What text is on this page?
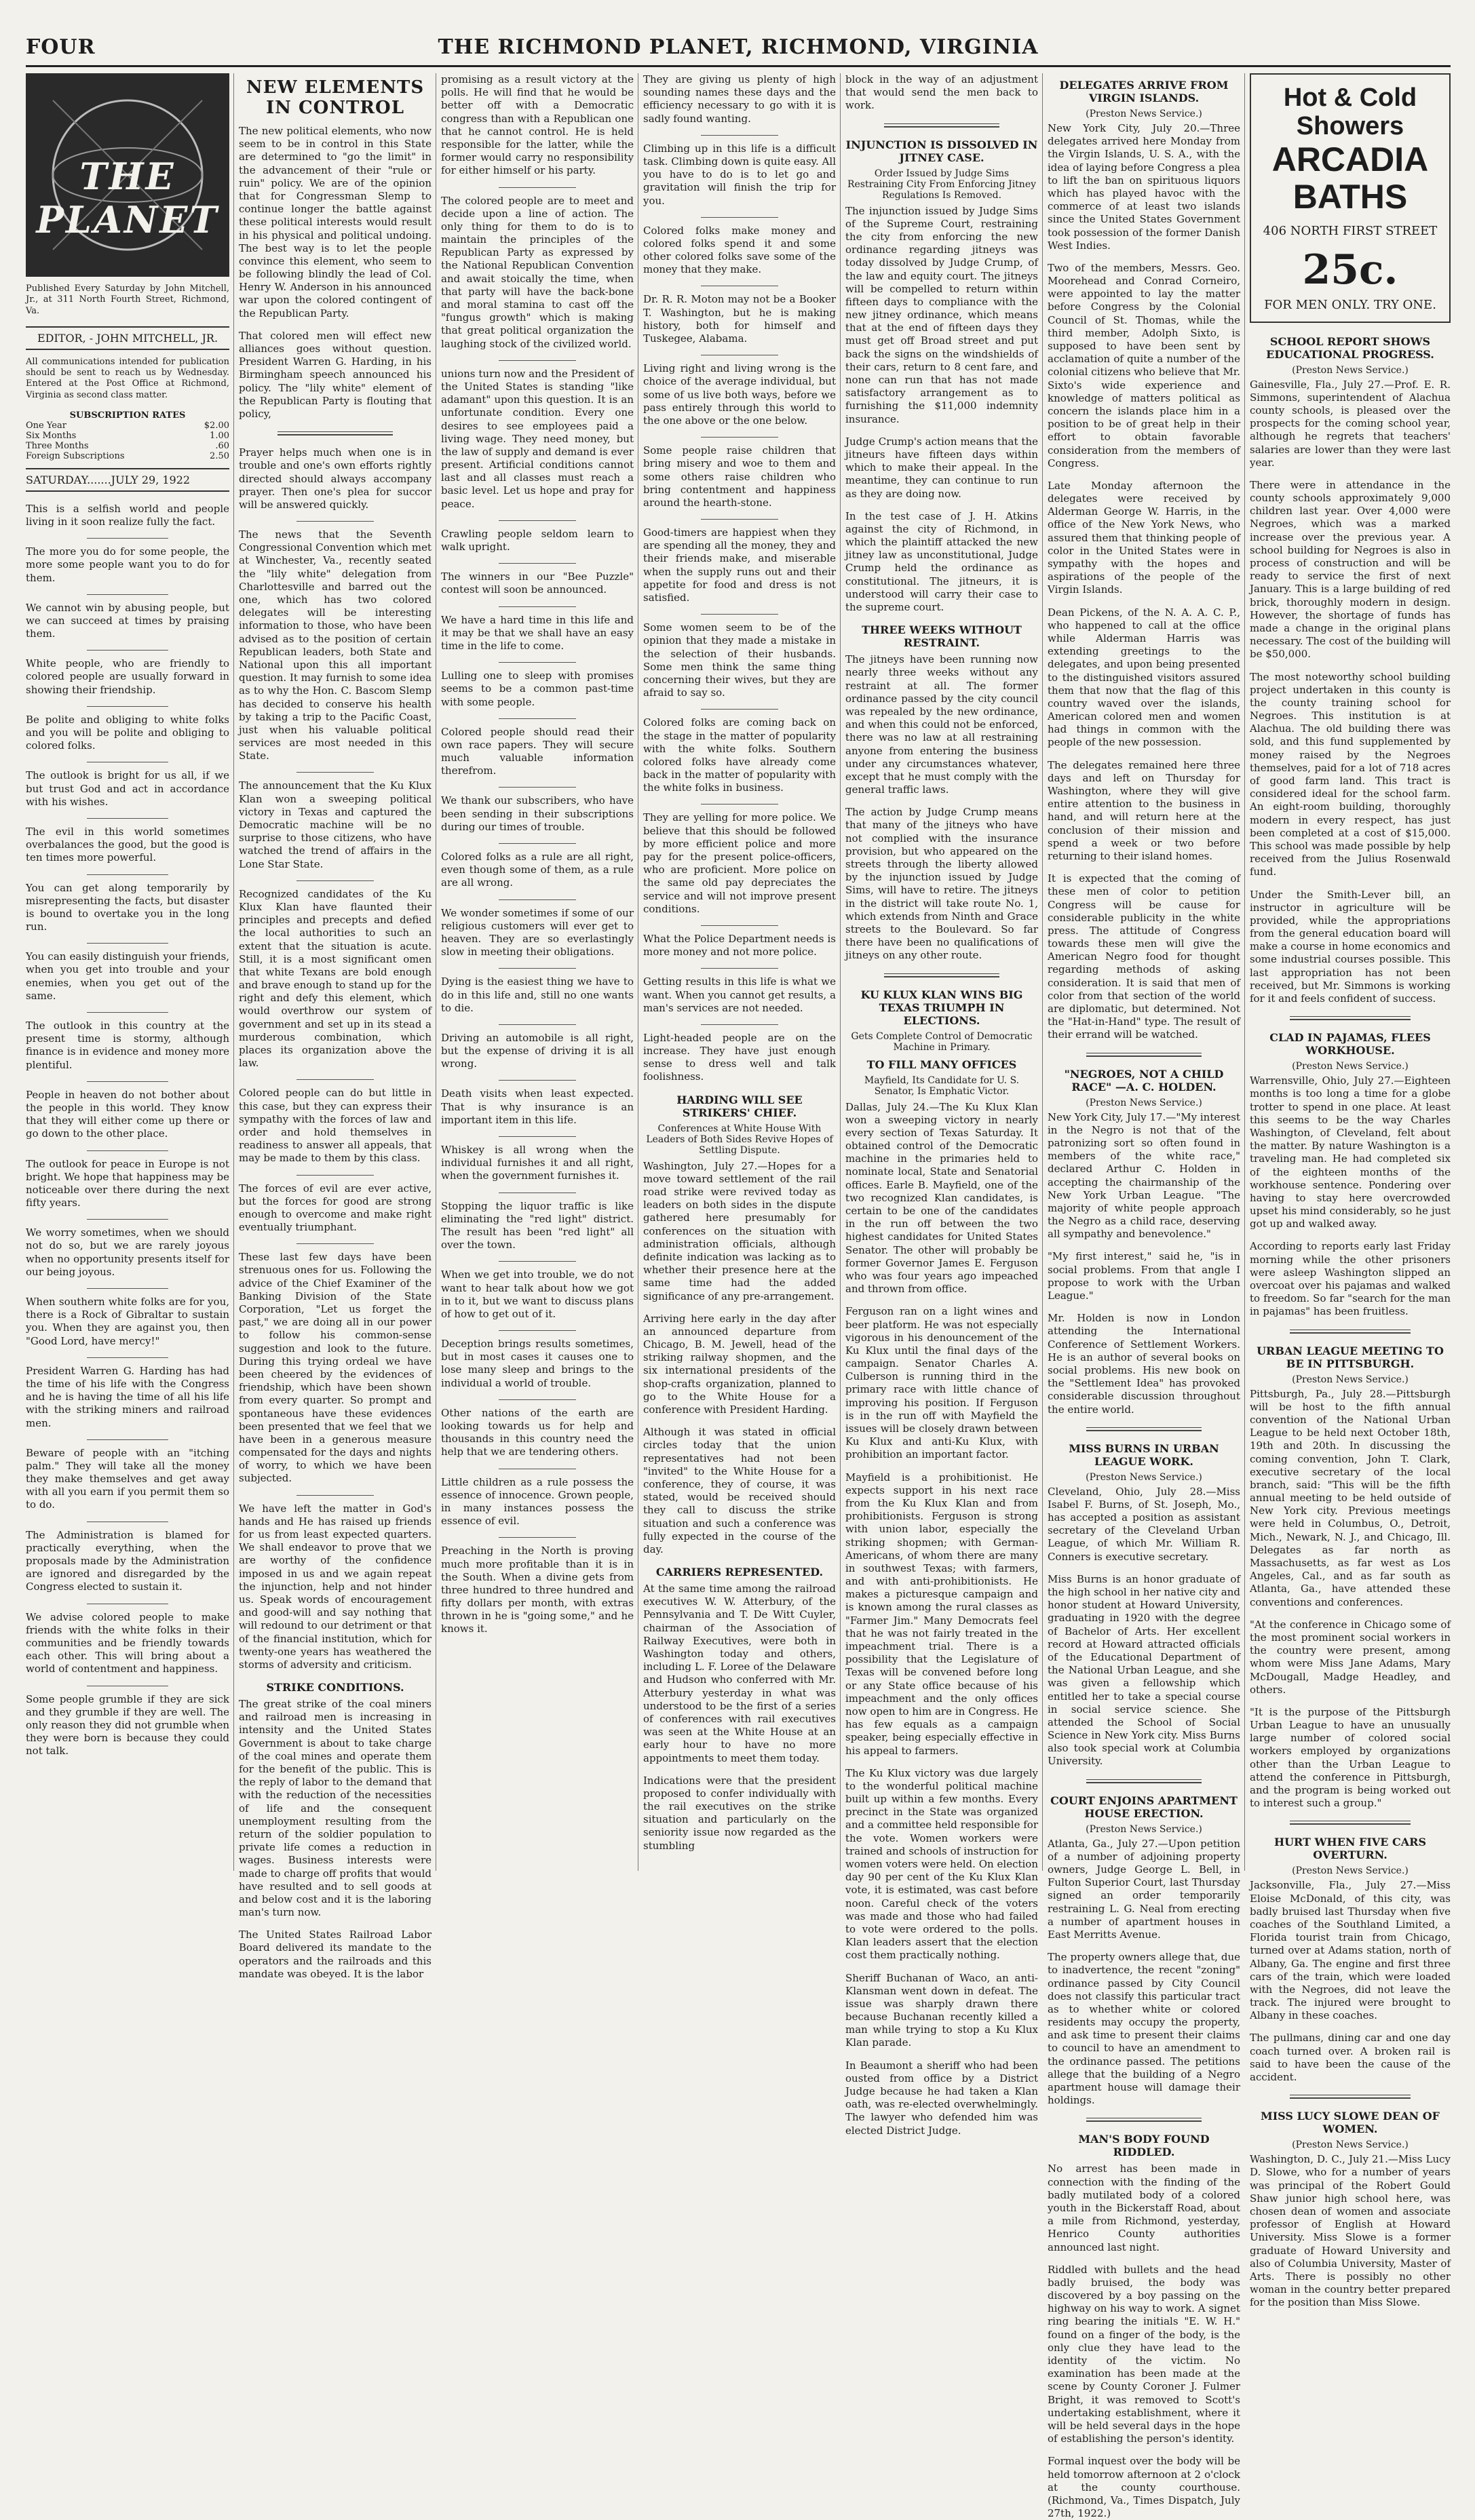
FOUR	THE RICHMOND PLANET, RICHMOND, VIRGINIA
THE PLANET

Published Every Saturday by John Mitchell, Jr., at 311 North Fourth Street, Richmond, Va.

EDITOR, - JOHN MITCHELL, JR.

All communications intended for publication should be sent to reach us by Wednesday. Entered at the Post Office at Richmond, Virginia as second class matter.

SUBSCRIPTION RATES
One Year	$2.00
Six Months	1.00
Three Months	.60
Foreign Subscriptions	2.50
SATURDAY.......JULY 29, 1922

This is a selfish world and people living in it soon realize fully the fact.

The more you do for some people, the more some people want you to do for them.

We cannot win by abusing people, but we can succeed at times by praising them.

White people, who are friendly to colored people are usually forward in showing their friendship.

Be polite and obliging to white folks and you will be polite and obliging to colored folks.

The outlook is bright for us all, if we but trust God and act in accordance with his wishes.

The evil in this world sometimes overbalances the good, but the good is ten times more powerful.

You can get along temporarily by misrepresenting the facts, but disaster is bound to overtake you in the long run.

You can easily distinguish your friends, when you get into trouble and your enemies, when you get out of the same.

The outlook in this country at the present time is stormy, although finance is in evidence and money more plentiful.

People in heaven do not bother about the people in this world. They know that they will either come up there or go down to the other place.

The outlook for peace in Europe is not bright. We hope that happiness may be noticeable over there during the next fifty years.

We worry sometimes, when we should not do so, but we are rarely joyous when no opportunity presents itself for our being joyous.

When southern white folks are for you, there is a Rock of Gibraltar to sustain you. When they are against you, then "Good Lord, have mercy!"

President Warren G. Harding has had the time of his life with the Congress and he is having the time of all his life with the striking miners and railroad men.

Beware of people with an "itching palm." They will take all the money they make themselves and get away with all you earn if you permit them so to do.

The Administration is blamed for practically everything, when the proposals made by the Administration are ignored and disregarded by the Congress elected to sustain it.

We advise colored people to make friends with the white folks in their communities and be friendly towards each other. This will bring about a world of contentment and happiness.

Some people grumble if they are sick and they grumble if they are well. The only reason they did not grumble when they were born is because they could not talk.

NEW ELEMENTS IN CONTROL

The new political elements, who now seem to be in control in this State are determined to "go the limit" in the advancement of their "rule or ruin" policy. We are of the opinion that for Congressman Slemp to continue longer the battle against these political interests would result in his physical and political undoing. The best way is to let the people convince this element, who seem to be following blindly the lead of Col. Henry W. Anderson in his announced war upon the colored contingent of the Republican Party.

That colored men will effect new alliances goes without question. President Warren G. Harding, in his Birmingham speech announced his policy. The "lily white" element of the Republican Party is flouting that policy,

Prayer helps much when one is in trouble and one's own efforts rightly directed should always accompany prayer. Then one's plea for succor will be answered quickly.

The news that the Seventh Congressional Convention which met at Winchester, Va., recently seated the "lily white" delegation from Charlottesville and barred out the one, which has two colored delegates will be interesting information to those, who have been advised as to the position of certain Republican leaders, both State and National upon this all important question. It may furnish to some idea as to why the Hon. C. Bascom Slemp has decided to conserve his health by taking a trip to the Pacific Coast, just when his valuable political services are most needed in this State.

The announcement that the Ku Klux Klan won a sweeping political victory in Texas and captured the Democratic machine will be no surprise to those citizens, who have watched the trend of affairs in the Lone Star State.

Recognized candidates of the Ku Klux Klan have flaunted their principles and precepts and defied the local authorities to such an extent that the situation is acute. Still, it is a most significant omen that white Texans are bold enough and brave enough to stand up for the right and defy this element, which would overthrow our system of government and set up in its stead a murderous combination, which places its organization above the law.

Colored people can do but little in this case, but they can express their sympathy with the forces of law and order and hold themselves in readiness to answer all appeals, that may be made to them by this class.

The forces of evil are ever active, but the forces for good are strong enough to overcome and make right eventually triumphant.

These last few days have been strenuous ones for us. Following the advice of the Chief Examiner of the Banking Division of the State Corporation, "Let us forget the past," we are doing all in our power to follow his common-sense suggestion and look to the future. During this trying ordeal we have been cheered by the evidences of friendship, which have been shown from every quarter. So prompt and spontaneous have these evidences been presented that we feel that we have been in a generous measure compensated for the days and nights of worry, to which we have been subjected.

We have left the matter in God's hands and He has raised up friends for us from least expected quarters. We shall endeavor to prove that we are worthy of the confidence imposed in us and we again repeat the injunction, help and not hinder us. Speak words of encouragement and good-will and say nothing that will redound to our detriment or that of the financial institution, which for twenty-one years has weathered the storms of adversity and criticism.

STRIKE CONDITIONS.

The great strike of the coal miners and railroad men is increasing in intensity and the United States Government is about to take charge of the coal mines and operate them for the benefit of the public. This is the reply of labor to the demand that with the reduction of the necessities of life and the consequent unemployment resulting from the return of the soldier population to private life comes a reduction in wages. Business interests were made to charge off profits that would have resulted and to sell goods at and below cost and it is the laboring man's turn now.

The United States Railroad Labor Board delivered its mandate to the operators and the railroads and this mandate was obeyed. It is the labor

promising as a result victory at the polls. He will find that he would be better off with a Democratic congress than with a Republican one that he cannot control. He is held responsible for the latter, while the former would carry no responsibility for either himself or his party.

The colored people are to meet and decide upon a line of action. The only thing for them to do is to maintain the principles of the Republican Party as expressed by the National Republican Convention and await stoically the time, when that party will have the back-bone and moral stamina to cast off the "fungus growth" which is making that great political organization the laughing stock of the civilized world.

unions turn now and the President of the United States is standing "like adamant" upon this question. It is an unfortunate condition. Every one desires to see employees paid a living wage. They need money, but the law of supply and demand is ever present. Artificial conditions cannot last and all classes must reach a basic level. Let us hope and pray for peace.

Crawling people seldom learn to walk upright.

The winners in our "Bee Puzzle" contest will soon be announced.

We have a hard time in this life and it may be that we shall have an easy time in the life to come.

Lulling one to sleep with promises seems to be a common past-time with some people.

Colored people should read their own race papers. They will secure much valuable information therefrom.

We thank our subscribers, who have been sending in their subscriptions during our times of trouble.

Colored folks as a rule are all right, even though some of them, as a rule are all wrong.

We wonder sometimes if some of our religious customers will ever get to heaven. They are so everlastingly slow in meeting their obligations.

Dying is the easiest thing we have to do in this life and, still no one wants to die.

Driving an automobile is all right, but the expense of driving it is all wrong.

Death visits when least expected. That is why insurance is an important item in this life.

Whiskey is all wrong when the individual furnishes it and all right, when the government furnishes it.

Stopping the liquor traffic is like eliminating the "red light" district. The result has been "red light" all over the town.

When we get into trouble, we do not want to hear talk about how we got in to it, but we want to discuss plans of how to get out of it.

Deception brings results sometimes, but in most cases it causes one to lose many sleep and brings to the individual a world of trouble.

Other nations of the earth are looking towards us for help and thousands in this country need the help that we are tendering others.

Little children as a rule possess the essence of innocence. Grown people, in many instances possess the essence of evil.

Preaching in the North is proving much more profitable than it is in the South. When a divine gets from three hundred to three hundred and fifty dollars per month, with extras thrown in he is "going some," and he knows it.

They are giving us plenty of high sounding names these days and the efficiency necessary to go with it is sadly found wanting.

Climbing up in this life is a difficult task. Climbing down is quite easy. All you have to do is to let go and gravitation will finish the trip for you.

Colored folks make money and colored folks spend it and some other colored folks save some of the money that they make.

Dr. R. R. Moton may not be a Booker T. Washington, but he is making history, both for himself and Tuskegee, Alabama.

Living right and living wrong is the choice of the average individual, but some of us live both ways, before we pass entirely through this world to the one above or the one below.

Some people raise children that bring misery and woe to them and some others raise children who bring contentment and happiness around the hearth-stone.

Good-timers are happiest when they are spending all the money, they and their friends make, and miserable when the supply runs out and their appetite for food and dress is not satisfied.

Some women seem to be of the opinion that they made a mistake in the selection of their husbands. Some men think the same thing concerning their wives, but they are afraid to say so.

Colored folks are coming back on the stage in the matter of popularity with the white folks. Southern colored folks have already come back in the matter of popularity with the white folks in business.

They are yelling for more police. We believe that this should be followed by more efficient police and more pay for the present police-officers, who are proficient. More police on the same old pay depreciates the service and will not improve present conditions.

What the Police Department needs is more money and not more police.

Getting results in this life is what we want. When you cannot get results, a man's services are not needed.

Light-headed people are on the increase. They have just enough sense to dress well and talk foolishness.

HARDING WILL SEE STRIKERS' CHIEF.
Conferences at White House With Leaders of Both Sides Revive Hopes of Settling Dispute.

Washington, July 27.—Hopes for a move toward settlement of the rail road strike were revived today as leaders on both sides in the dispute gathered here presumably for conferences on the situation with administration officials, although definite indication was lacking as to whether their presence here at the same time had the added significance of any pre-arrangement.

Arriving here early in the day after an announced departure from Chicago, B. M. Jewell, head of the striking railway shopmen, and the six international presidents of the shop-crafts organization, planned to go to the White House for a conference with President Harding.

Although it was stated in official circles today that the union representatives had not been "invited" to the White House for a conference, they of course, it was stated, would be received should they call to discuss the strike situation and such a conference was fully expected in the course of the day.

CARRIERS REPRESENTED.

At the same time among the railroad executives W. W. Atterbury, of the Pennsylvania and T. De Witt Cuyler, chairman of the Association of Railway Executives, were both in Washington today and others, including L. F. Loree of the Delaware and Hudson who conferred with Mr. Atterbury yesterday in what was understood to be the first of a series of conferences with rail executives was seen at the White House at an early hour to have no more appointments to meet them today.

Indications were that the president proposed to confer individually with the rail executives on the strike situation and particularly on the seniority issue now regarded as the stumbling

block in the way of an adjustment that would send the men back to work.

INJUNCTION IS DISSOLVED IN JITNEY CASE.
Order Issued by Judge Sims Restraining City From Enforcing Jitney Regulations Is Removed.

The injunction issued by Judge Sims of the Supreme Court, restraining the city from enforcing the new ordinance regarding jitneys was today dissolved by Judge Crump, of the law and equity court. The jitneys will be compelled to return within fifteen days to compliance with the new jitney ordinance, which means that at the end of fifteen days they must get off Broad street and put back the signs on the windshields of their cars, return to 8 cent fare, and none can run that has not made satisfactory arrangement as to furnishing the $11,000 indemnity insurance.

Judge Crump's action means that the jitneurs have fifteen days within which to make their appeal. In the meantime, they can continue to run as they are doing now.

In the test case of J. H. Atkins against the city of Richmond, in which the plaintiff attacked the new jitney law as unconstitutional, Judge Crump held the ordinance as constitutional. The jitneurs, it is understood will carry their case to the supreme court.

THREE WEEKS WITHOUT RESTRAINT.

The jitneys have been running now nearly three weeks without any restraint at all. The former ordinance passed by the city council was repealed by the new ordinance, and when this could not be enforced, there was no law at all restraining anyone from entering the business under any circumstances whatever, except that he must comply with the general traffic laws.

The action by Judge Crump means that many of the jitneys who have not complied with the insurance provision, but who appeared on the streets through the liberty allowed by the injunction issued by Judge Sims, will have to retire. The jitneys in the district will take route No. 1, which extends from Ninth and Grace streets to the Boulevard. So far there have been no qualifications of jitneys on any other route.

KU KLUX KLAN WINS BIG TEXAS TRIUMPH IN ELECTIONS.
Gets Complete Control of Democratic Machine in Primary.
TO FILL MANY OFFICES
Mayfield, Its Candidate for U. S. Senator, Is Emphatic Victor.

Dallas, July 24.—The Ku Klux Klan won a sweeping victory in nearly every section of Texas Saturday. It obtained control of the Democratic machine in the primaries held to nominate local, State and Senatorial offices. Earle B. Mayfield, one of the two recognized Klan candidates, is certain to be one of the candidates in the run off between the two highest candidates for United States Senator. The other will probably be former Governor James E. Ferguson who was four years ago impeached and thrown from office.

Ferguson ran on a light wines and beer platform. He was not especially vigorous in his denouncement of the Ku Klux until the final days of the campaign. Senator Charles A. Culberson is running third in the primary race with little chance of improving his position. If Ferguson is in the run off with Mayfield the issues will be closely drawn between Ku Klux and anti-Ku Klux, with prohibition an important factor.

Mayfield is a prohibitionist. He expects support in his next race from the Ku Klux Klan and from prohibitionists. Ferguson is strong with union labor, especially the striking shopmen; with German-Americans, of whom there are many in southwest Texas; with farmers, and with anti-prohibitionists. He makes a picturesque campaign and is known among the rural classes as "Farmer Jim." Many Democrats feel that he was not fairly treated in the impeachment trial. There is a possibility that the Legislature of Texas will be convened before long or any State office because of his impeachment and the only offices now open to him are in Congress. He has few equals as a campaign speaker, being especially effective in his appeal to farmers.

The Ku Klux victory was due largely to the wonderful political machine built up within a few months. Every precinct in the State was organized and a committee held responsible for the vote. Women workers were trained and schools of instruction for women voters were held. On election day 90 per cent of the Ku Klux Klan vote, it is estimated, was cast before noon. Careful check of the voters was made and those who had failed to vote were ordered to the polls. Klan leaders assert that the election cost them practically nothing.

Sheriff Buchanan of Waco, an anti-Klansman went down in defeat. The issue was sharply drawn there because Buchanan recently killed a man while trying to stop a Ku Klux Klan parade.

In Beaumont a sheriff who had been ousted from office by a District Judge because he had taken a Klan oath, was re-elected overwhelmingly. The lawyer who defended him was elected District Judge.

DELEGATES ARRIVE FROM VIRGIN ISLANDS.
(Preston News Service.)

New York City, July 20.—Three delegates arrived here Monday from the Virgin Islands, U. S. A., with the idea of laying before Congress a plea to lift the ban on spirituous liquors which has played havoc with the commerce of at least two islands since the United States Government took possession of the former Danish West Indies.

Two of the members, Messrs. Geo. Moorehead and Conrad Corneiro, were appointed to lay the matter before Congress by the Colonial Council of St. Thomas, while the third member, Adolph Sixto, is supposed to have been sent by acclamation of quite a number of the colonial citizens who believe that Mr. Sixto's wide experience and knowledge of matters political as concern the islands place him in a position to be of great help in their effort to obtain favorable consideration from the members of Congress.

Late Monday afternoon the delegates were received by Alderman George W. Harris, in the office of the New York News, who assured them that thinking people of color in the United States were in sympathy with the hopes and aspirations of the people of the Virgin Islands.

Dean Pickens, of the N. A. A. C. P., who happened to call at the office while Alderman Harris was extending greetings to the delegates, and upon being presented to the distinguished visitors assured them that now that the flag of this country waved over the islands, American colored men and women had things in common with the people of the new possession.

The delegates remained here three days and left on Thursday for Washington, where they will give entire attention to the business in hand, and will return here at the conclusion of their mission and spend a week or two before returning to their island homes.

It is expected that the coming of these men of color to petition Congress will be cause for considerable publicity in the white press. The attitude of Congress towards these men will give the American Negro food for thought regarding methods of asking consideration. It is said that men of color from that section of the world are diplomatic, but determined. Not the "Hat-in-Hand" type. The result of their errand will be watched.

"NEGROES, NOT A CHILD RACE" —A. C. HOLDEN.
(Preston News Service.)

New York City, July 17.—"My interest in the Negro is not that of the patronizing sort so often found in members of the white race," declared Arthur C. Holden in accepting the chairmanship of the New York Urban League. "The majority of white people approach the Negro as a child race, deserving all sympathy and benevolence."

"My first interest," said he, "is in social problems. From that angle I propose to work with the Urban League."

Mr. Holden is now in London attending the International Conference of Settlement Workers. He is an author of several books on social problems. His new book on the "Settlement Idea" has provoked considerable discussion throughout the entire world.

MISS BURNS IN URBAN LEAGUE WORK.
(Preston News Service.)

Cleveland, Ohio, July 28.—Miss Isabel F. Burns, of St. Joseph, Mo., has accepted a position as assistant secretary of the Cleveland Urban League, of which Mr. William R. Conners is executive secretary.

Miss Burns is an honor graduate of the high school in her native city and honor student at Howard University, graduating in 1920 with the degree of Bachelor of Arts. Her excellent record at Howard attracted officials of the Educational Department of the National Urban League, and she was given a fellowship which entitled her to take a special course in social service science. She attended the School of Social Science in New York city. Miss Burns also took special work at Columbia University.

COURT ENJOINS APARTMENT HOUSE ERECTION.
(Preston News Service.)

Atlanta, Ga., July 27.—Upon petition of a number of adjoining property owners, Judge George L. Bell, in Fulton Superior Court, last Thursday signed an order temporarily restraining L. G. Neal from erecting a number of apartment houses in East Merritts Avenue.

The property owners allege that, due to inadvertence, the recent "zoning" ordinance passed by City Council does not classify this particular tract as to whether white or colored residents may occupy the property, and ask time to present their claims to council to have an amendment to the ordinance passed. The petitions allege that the building of a Negro apartment house will damage their holdings.

MAN'S BODY FOUND RIDDLED.

No arrest has been made in connection with the finding of the badly mutilated body of a colored youth in the Bickerstaff Road, about a mile from Richmond, yesterday, Henrico County authorities announced last night.

Riddled with bullets and the head badly bruised, the body was discovered by a boy passing on the highway on his way to work. A signet ring bearing the initials "E. W. H." found on a finger of the body, is the only clue they have lead to the identity of the victim. No examination has been made at the scene by County Coroner J. Fulmer Bright, it was removed to Scott's undertaking establishment, where it will be held several days in the hope of establishing the person's identity.

Formal inquest over the body will be held tomorrow afternoon at 2 o'clock at the county courthouse. (Richmond, Va., Times Dispatch, July 27th, 1922.)

Hot & Cold Showers
ARCADIA BATHS
406 NORTH FIRST STREET
25c.
FOR MEN ONLY. TRY ONE.
SCHOOL REPORT SHOWS EDUCATIONAL PROGRESS.
(Preston News Service.)

Gainesville, Fla., July 27.—Prof. E. R. Simmons, superintendent of Alachua county schools, is pleased over the prospects for the coming school year, although he regrets that teachers' salaries are lower than they were last year.

There were in attendance in the county schools approximately 9,000 children last year. Over 4,000 were Negroes, which was a marked increase over the previous year. A school building for Negroes is also in process of construction and will be ready to service the first of next January. This is a large building of red brick, thoroughly modern in design. However, the shortage of funds has made a change in the original plans necessary. The cost of the building will be $50,000.

The most noteworthy school building project undertaken in this county is the county training school for Negroes. This institution is at Alachua. The old building there was sold, and this fund supplemented by money raised by the Negroes themselves, paid for a lot of 718 acres of good farm land. This tract is considered ideal for the school farm. An eight-room building, thoroughly modern in every respect, has just been completed at a cost of $15,000. This school was made possible by help received from the Julius Rosenwald fund.

Under the Smith-Lever bill, an instructor in agriculture will be provided, while the appropriations from the general education board will make a course in home economics and some industrial courses possible. This last appropriation has not been received, but Mr. Simmons is working for it and feels confident of success.

CLAD IN PAJAMAS, FLEES WORKHOUSE.
(Preston News Service.)

Warrensville, Ohio, July 27.—Eighteen months is too long a time for a globe trotter to spend in one place. At least this seems to be the way Charles Washington, of Cleveland, felt about the matter. By nature Washington is a traveling man. He had completed six of the eighteen months of the workhouse sentence. Pondering over having to stay here overcrowded upset his mind considerably, so he just got up and walked away.

According to reports early last Friday morning while the other prisoners were asleep Washington slipped an overcoat over his pajamas and walked to freedom. So far "search for the man in pajamas" has been fruitless.

URBAN LEAGUE MEETING TO BE IN PITTSBURGH.
(Preston News Service.)

Pittsburgh, Pa., July 28.—Pittsburgh will be host to the fifth annual convention of the National Urban League to be held next October 18th, 19th and 20th. In discussing the coming convention, John T. Clark, executive secretary of the local branch, said: "This will be the fifth annual meeting to be held outside of New York city. Previous meetings were held in Columbus, O., Detroit, Mich., Newark, N. J., and Chicago, Ill. Delegates as far north as Massachusetts, as far west as Los Angeles, Cal., and as far south as Atlanta, Ga., have attended these conventions and conferences.

"At the conference in Chicago some of the most prominent social workers in the country were present, among whom were Miss Jane Adams, Mary McDougall, Madge Headley, and others.

"It is the purpose of the Pittsburgh Urban League to have an unusually large number of colored social workers employed by organizations other than the Urban League to attend the conference in Pittsburgh, and the program is being worked out to interest such a group."

HURT WHEN FIVE CARS OVERTURN.
(Preston News Service.)

Jacksonville, Fla., July 27.—Miss Eloise McDonald, of this city, was badly bruised last Thursday when five coaches of the Southland Limited, a Florida tourist train from Chicago, turned over at Adams station, north of Albany, Ga. The engine and first three cars of the train, which were loaded with the Negroes, did not leave the track. The injured were brought to Albany in these coaches.

The pullmans, dining car and one day coach turned over. A broken rail is said to have been the cause of the accident.

MISS LUCY SLOWE DEAN OF WOMEN.
(Preston News Service.)

Washington, D. C., July 21.—Miss Lucy D. Slowe, who for a number of years was principal of the Robert Gould Shaw junior high school here, was chosen dean of women and associate professor of English at Howard University. Miss Slowe is a former graduate of Howard University and also of Columbia University, Master of Arts. There is possibly no other woman in the country better prepared for the position than Miss Slowe.
